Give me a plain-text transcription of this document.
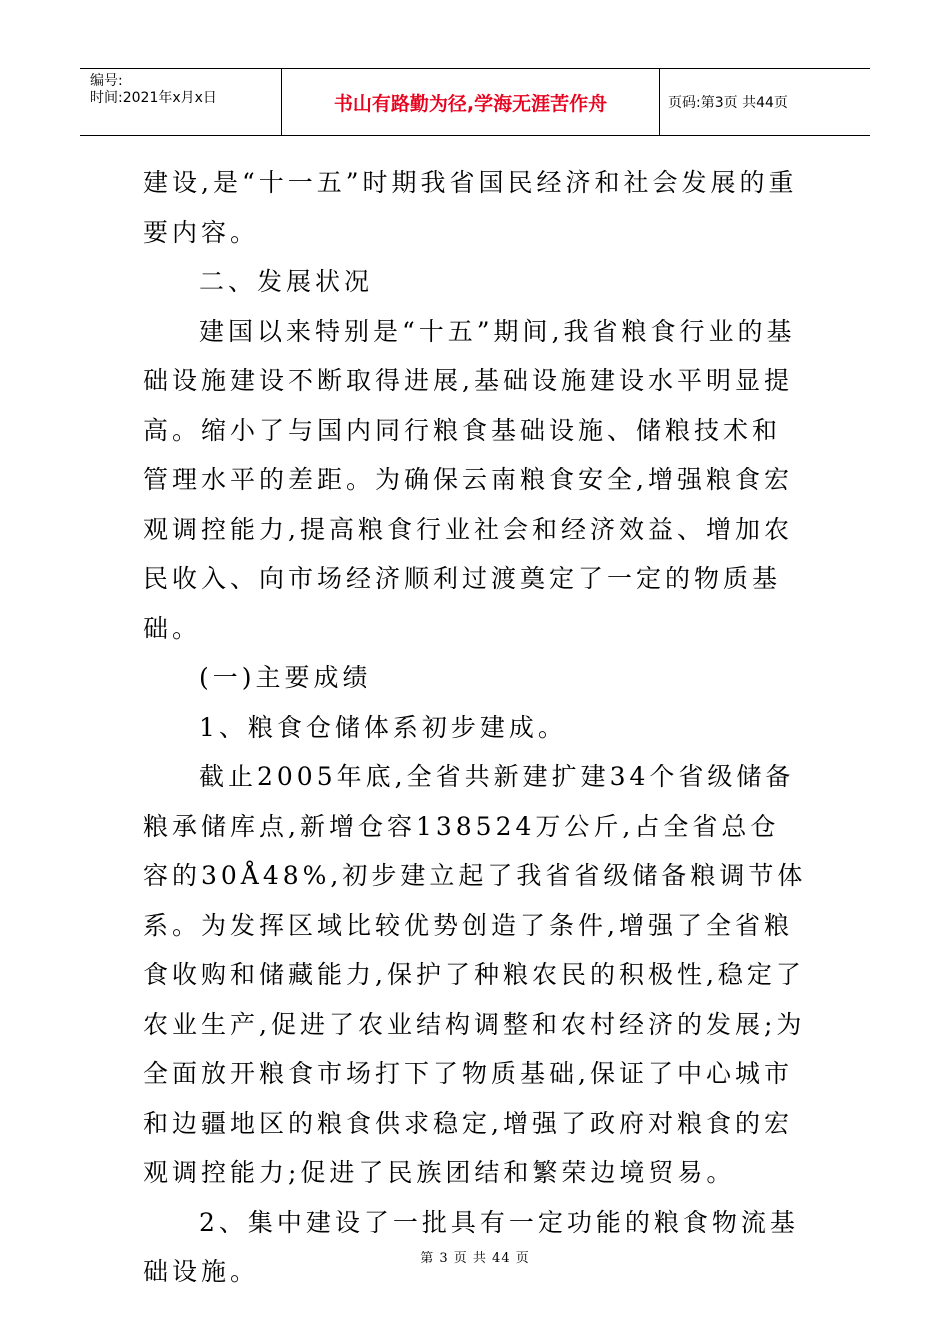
编号:
时间:2021年x月x日	书山有路勤为径,学海无涯苦作舟	页码:第3页 共44页

建设,是“十一五”时期我省国民经济和社会发展的重要内容。

二、发展状况

建国以来特别是“十五”期间,我省粮食行业的基础设施建设不断取得进展,基础设施建设水平明显提高。缩小了与国内同行粮食基础设施、储粮技术和管理水平的差距。为确保云南粮食安全,增强粮食宏观调控能力,提高粮食行业社会和经济效益、增加农民收入、向市场经济顺利过渡奠定了一定的物质基础。

(一)主要成绩

1、粮食仓储体系初步建成。

截止2005年底,全省共新建扩建34个省级储备粮承储库点,新增仓容138524万公斤,占全省总仓容的30Å48%,初步建立起了我省省级储备粮调节体系。为发挥区域比较优势创造了条件,增强了全省粮食收购和储藏能力,保护了种粮农民的积极性,稳定了农业生产,促进了农业结构调整和农村经济的发展;为全面放开粮食市场打下了物质基础,保证了中心城市和边疆地区的粮食供求稳定,增强了政府对粮食的宏观调控能力;促进了民族团结和繁荣边境贸易。

2、集中建设了一批具有一定功能的粮食物流基础设施。	第 3 页 共 44 页
